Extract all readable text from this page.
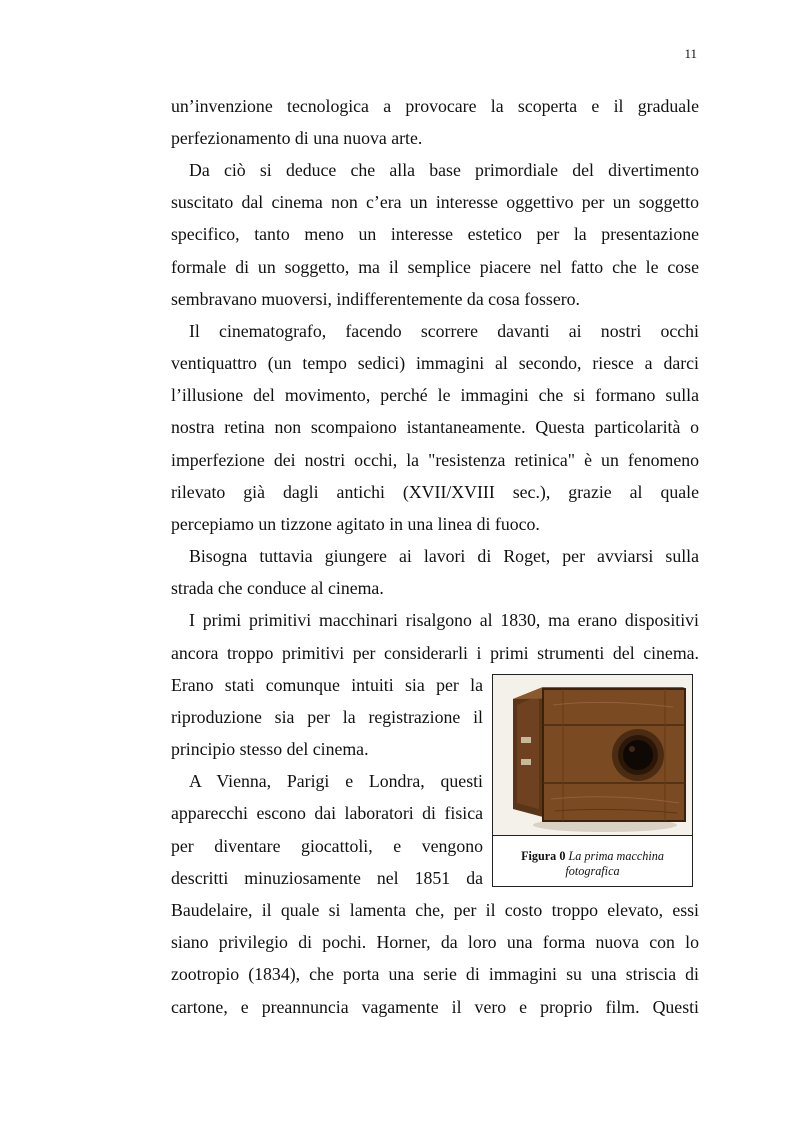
11
un’invenzione tecnologica a provocare la scoperta e il graduale
perfezionamento di una nuova arte.
Da ciò si deduce che alla base primordiale del divertimento
suscitato dal cinema non c’era un interesse oggettivo per un soggetto
specifico, tanto meno un interesse estetico per la presentazione
formale di un soggetto, ma il semplice piacere nel fatto che le cose
sembravano muoversi, indifferentemente da cosa fossero.
Il cinematografo, facendo scorrere davanti ai nostri occhi
ventiquattro (un tempo sedici) immagini al secondo, riesce a darci
l’illusione del movimento, perché le immagini che si formano sulla
nostra retina non scompaiono istantaneamente. Questa particolarità o
imperfezione dei nostri occhi, la "resistenza retinica" è un fenomeno
rilevato già dagli antichi (XVII/XVIII sec.), grazie al quale
percepiamo un tizzone agitato in una linea di fuoco.
Bisogna tuttavia giungere ai lavori di Roget, per avviarsi sulla
strada che conduce al cinema.
I primi primitivi macchinari risalgono al 1830, ma erano dispositivi
ancora troppo primitivi per considerarli i primi strumenti del cinema.
Erano stati comunque intuiti sia per la
riproduzione sia per la registrazione il
principio stesso del cinema.
A Vienna, Parigi e Londra, questi
apparecchi escono dai laboratori di fisica
per diventare giocattoli, e vengono
descritti minuziosamente nel 1851 da
Baudelaire, il quale si lamenta che, per il costo troppo elevato, essi
siano privilegio di pochi. Horner, da loro una forma nuova con lo
zootropio (1834), che porta una serie di immagini su una striscia di
cartone, e preannuncia vagamente il vero e proprio film. Questi
Figura 0 La prima macchina fotografica
